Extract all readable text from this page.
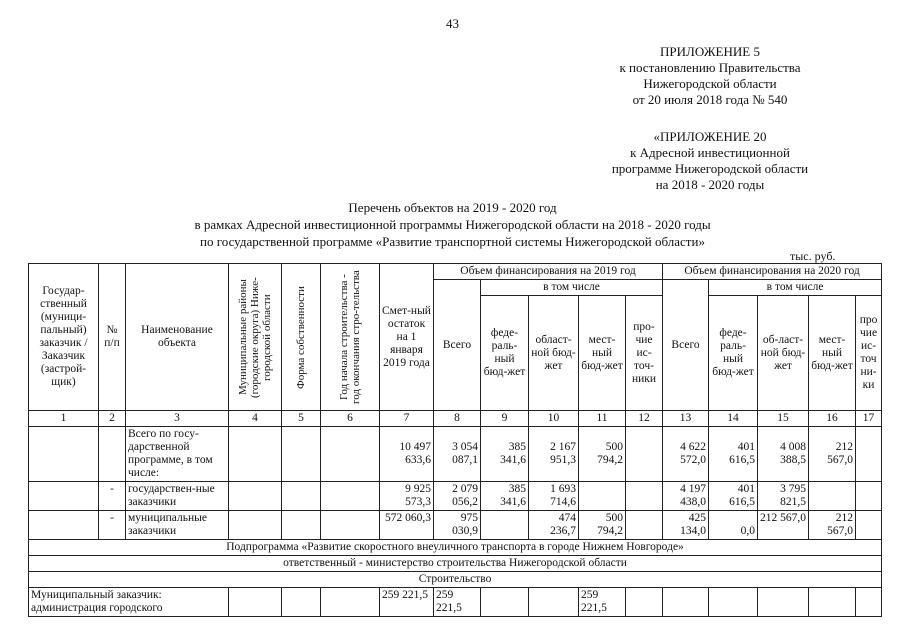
43
ПРИЛОЖЕНИЕ 5
к постановлению Правительства
Нижегородской области
от 20 июля 2018 года № 540
«ПРИЛОЖЕНИЕ 20
к Адресной инвестиционной
программе Нижегородской области
на 2018 - 2020 годы
Перечень объектов на 2019 - 2020 год
в рамках Адресной инвестиционной программы Нижегородской области на 2018 - 2020 годы
по государственной программе «Развитие транспортной системы Нижегородской области»
тыс. руб.
Государ-ственный (муници-пальный) заказчик / Заказчик (застрой-щик)	№ п/п	Наименование объекта	Муниципальные районы (городские округа) Ниже-городской области	Форма собственности	Год начала строительства - год окончания стро-тельства	Смет-ный остаток на 1 января 2019 года	Объем финансирования на 2019 год					Объем финансирования на 2020 год				
							Всего	в том числе				Всего	в том числе			
								феде-раль-ный бюд-жет	област-ной бюд-жет	мест-ный бюд-жет	про-чие ис-точ-ники		феде-раль-ный бюд-жет	об-ласт-ной бюд-жет	мест-ный бюд-жет	про чие ис-точ ни-ки
1	2	3	4	5	6	7	8	9	10	11	12	13	14	15	16	17
		Всего по госу-дарственной программе, в том числе:				10 497 633,6	3 054 087,1	385 341,6	2 167 951,3	500 794,2		4 622 572,0	401 616,5	4 008 388,5	212 567,0	
	-	государствен-ные заказчики				9 925 573,3	2 079 056,2	385 341,6	1 693 714,6			4 197 438,0	401 616,5	3 795 821,5		
	-	муниципальные заказчики				572 060,3	975 030,9		474 236,7	500 794,2		425 134,0	0,0	212 567,0	212 567,0	
Подпрограмма «Развитие скоростного внеуличного транспорта в городе Нижнем Новгороде»																
ответственный - министерство строительства Нижегородской области																
Строительство																
Муниципальный заказчик: администрация городского						259 221,5	259 221,5			259 221,5						
